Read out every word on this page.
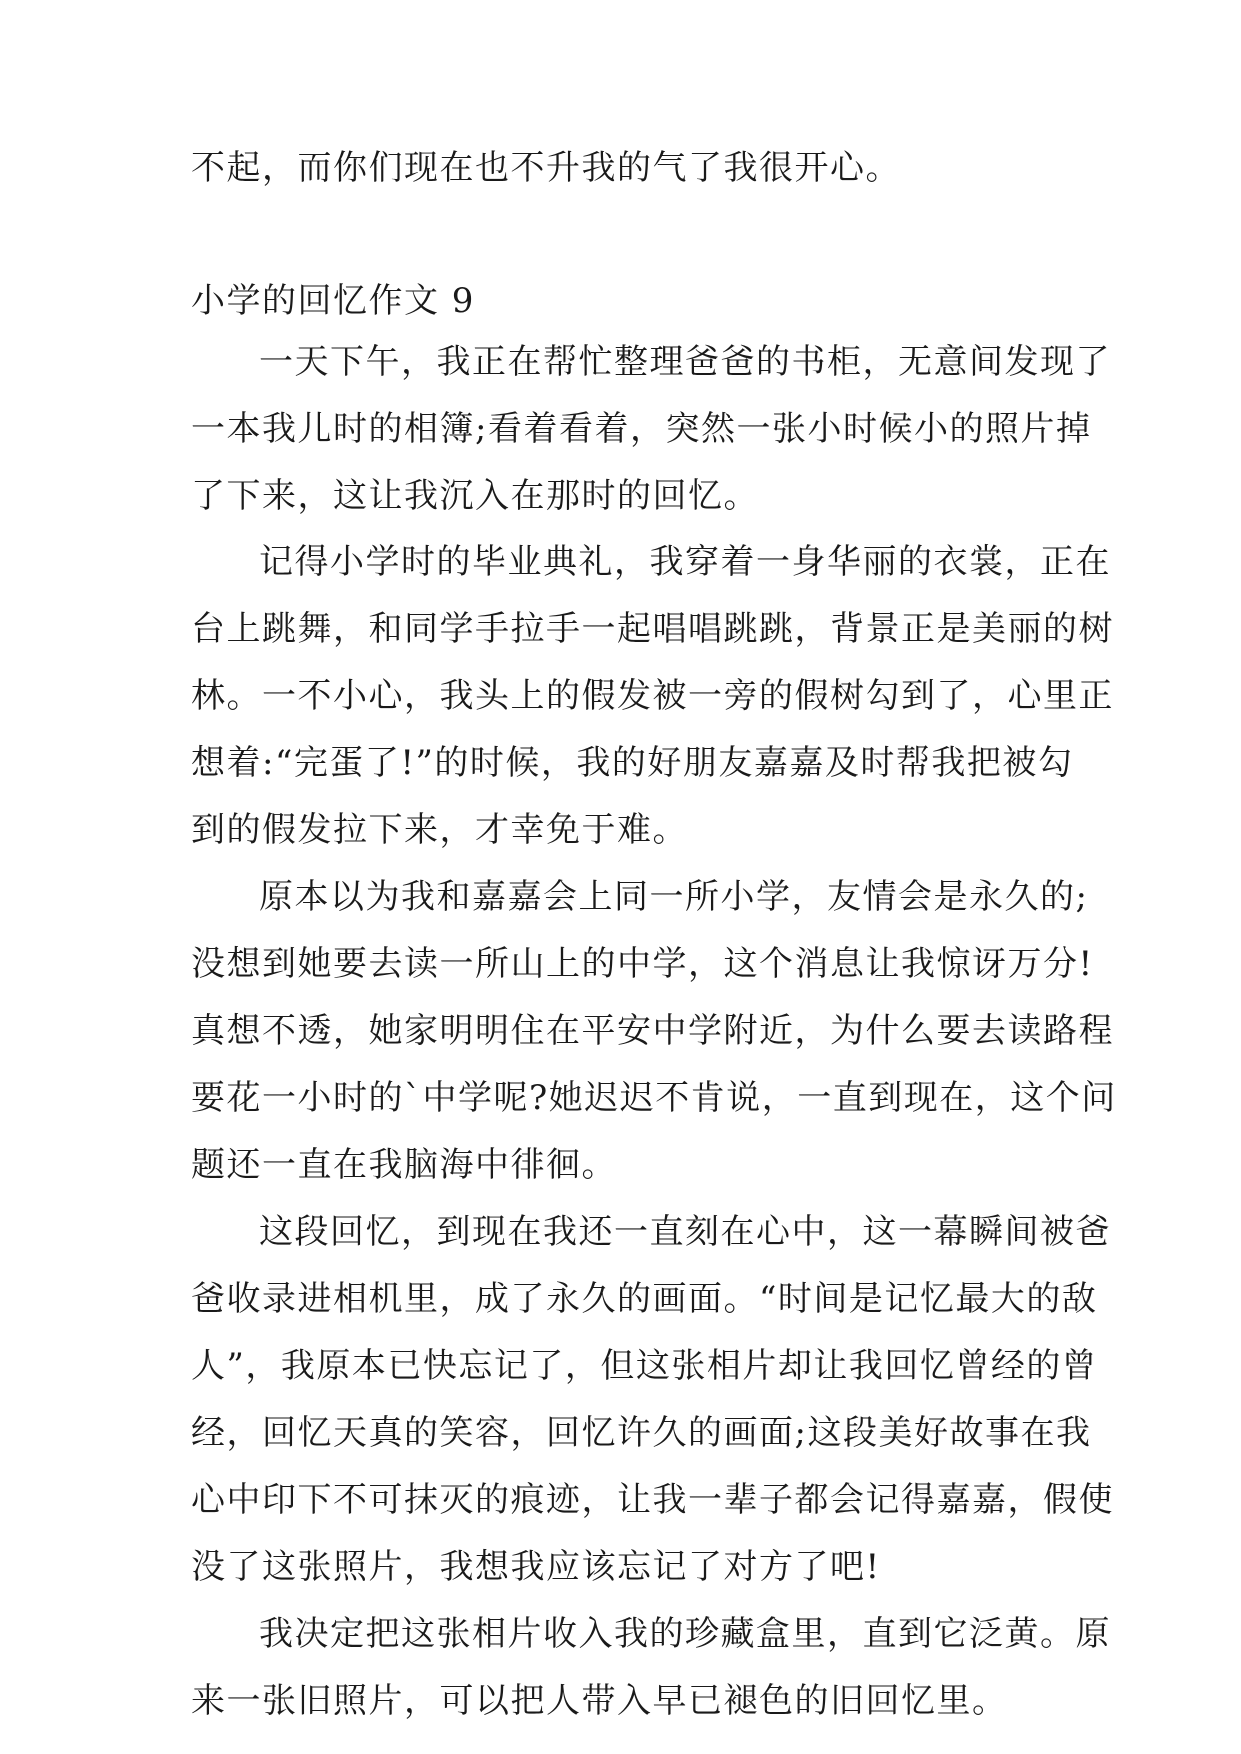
不起，而你们现在也不升我的气了我很开心。
小学的回忆作文 9
一天下午，我正在帮忙整理爸爸的书柜，无意间发现了
一本我儿时的相簿;看着看着，突然一张小时候小的照片掉
了下来，这让我沉入在那时的回忆。
记得小学时的毕业典礼，我穿着一身华丽的衣裳，正在
台上跳舞，和同学手拉手一起唱唱跳跳，背景正是美丽的树
林。一不小心，我头上的假发被一旁的假树勾到了，心里正
想着:“完蛋了!”的时候，我的好朋友嘉嘉及时帮我把被勾
到的假发拉下来，才幸免于难。
原本以为我和嘉嘉会上同一所小学，友情会是永久的;
没想到她要去读一所山上的中学，这个消息让我惊讶万分!
真想不透，她家明明住在平安中学附近，为什么要去读路程
要花一小时的`中学呢?她迟迟不肯说，一直到现在，这个问
题还一直在我脑海中徘徊。
这段回忆，到现在我还一直刻在心中，这一幕瞬间被爸
爸收录进相机里，成了永久的画面。“时间是记忆最大的敌
人”，我原本已快忘记了，但这张相片却让我回忆曾经的曾
经，回忆天真的笑容，回忆许久的画面;这段美好故事在我
心中印下不可抹灭的痕迹，让我一辈子都会记得嘉嘉，假使
没了这张照片，我想我应该忘记了对方了吧!
我决定把这张相片收入我的珍藏盒里，直到它泛黄。原
来一张旧照片，可以把人带入早已褪色的旧回忆里。
